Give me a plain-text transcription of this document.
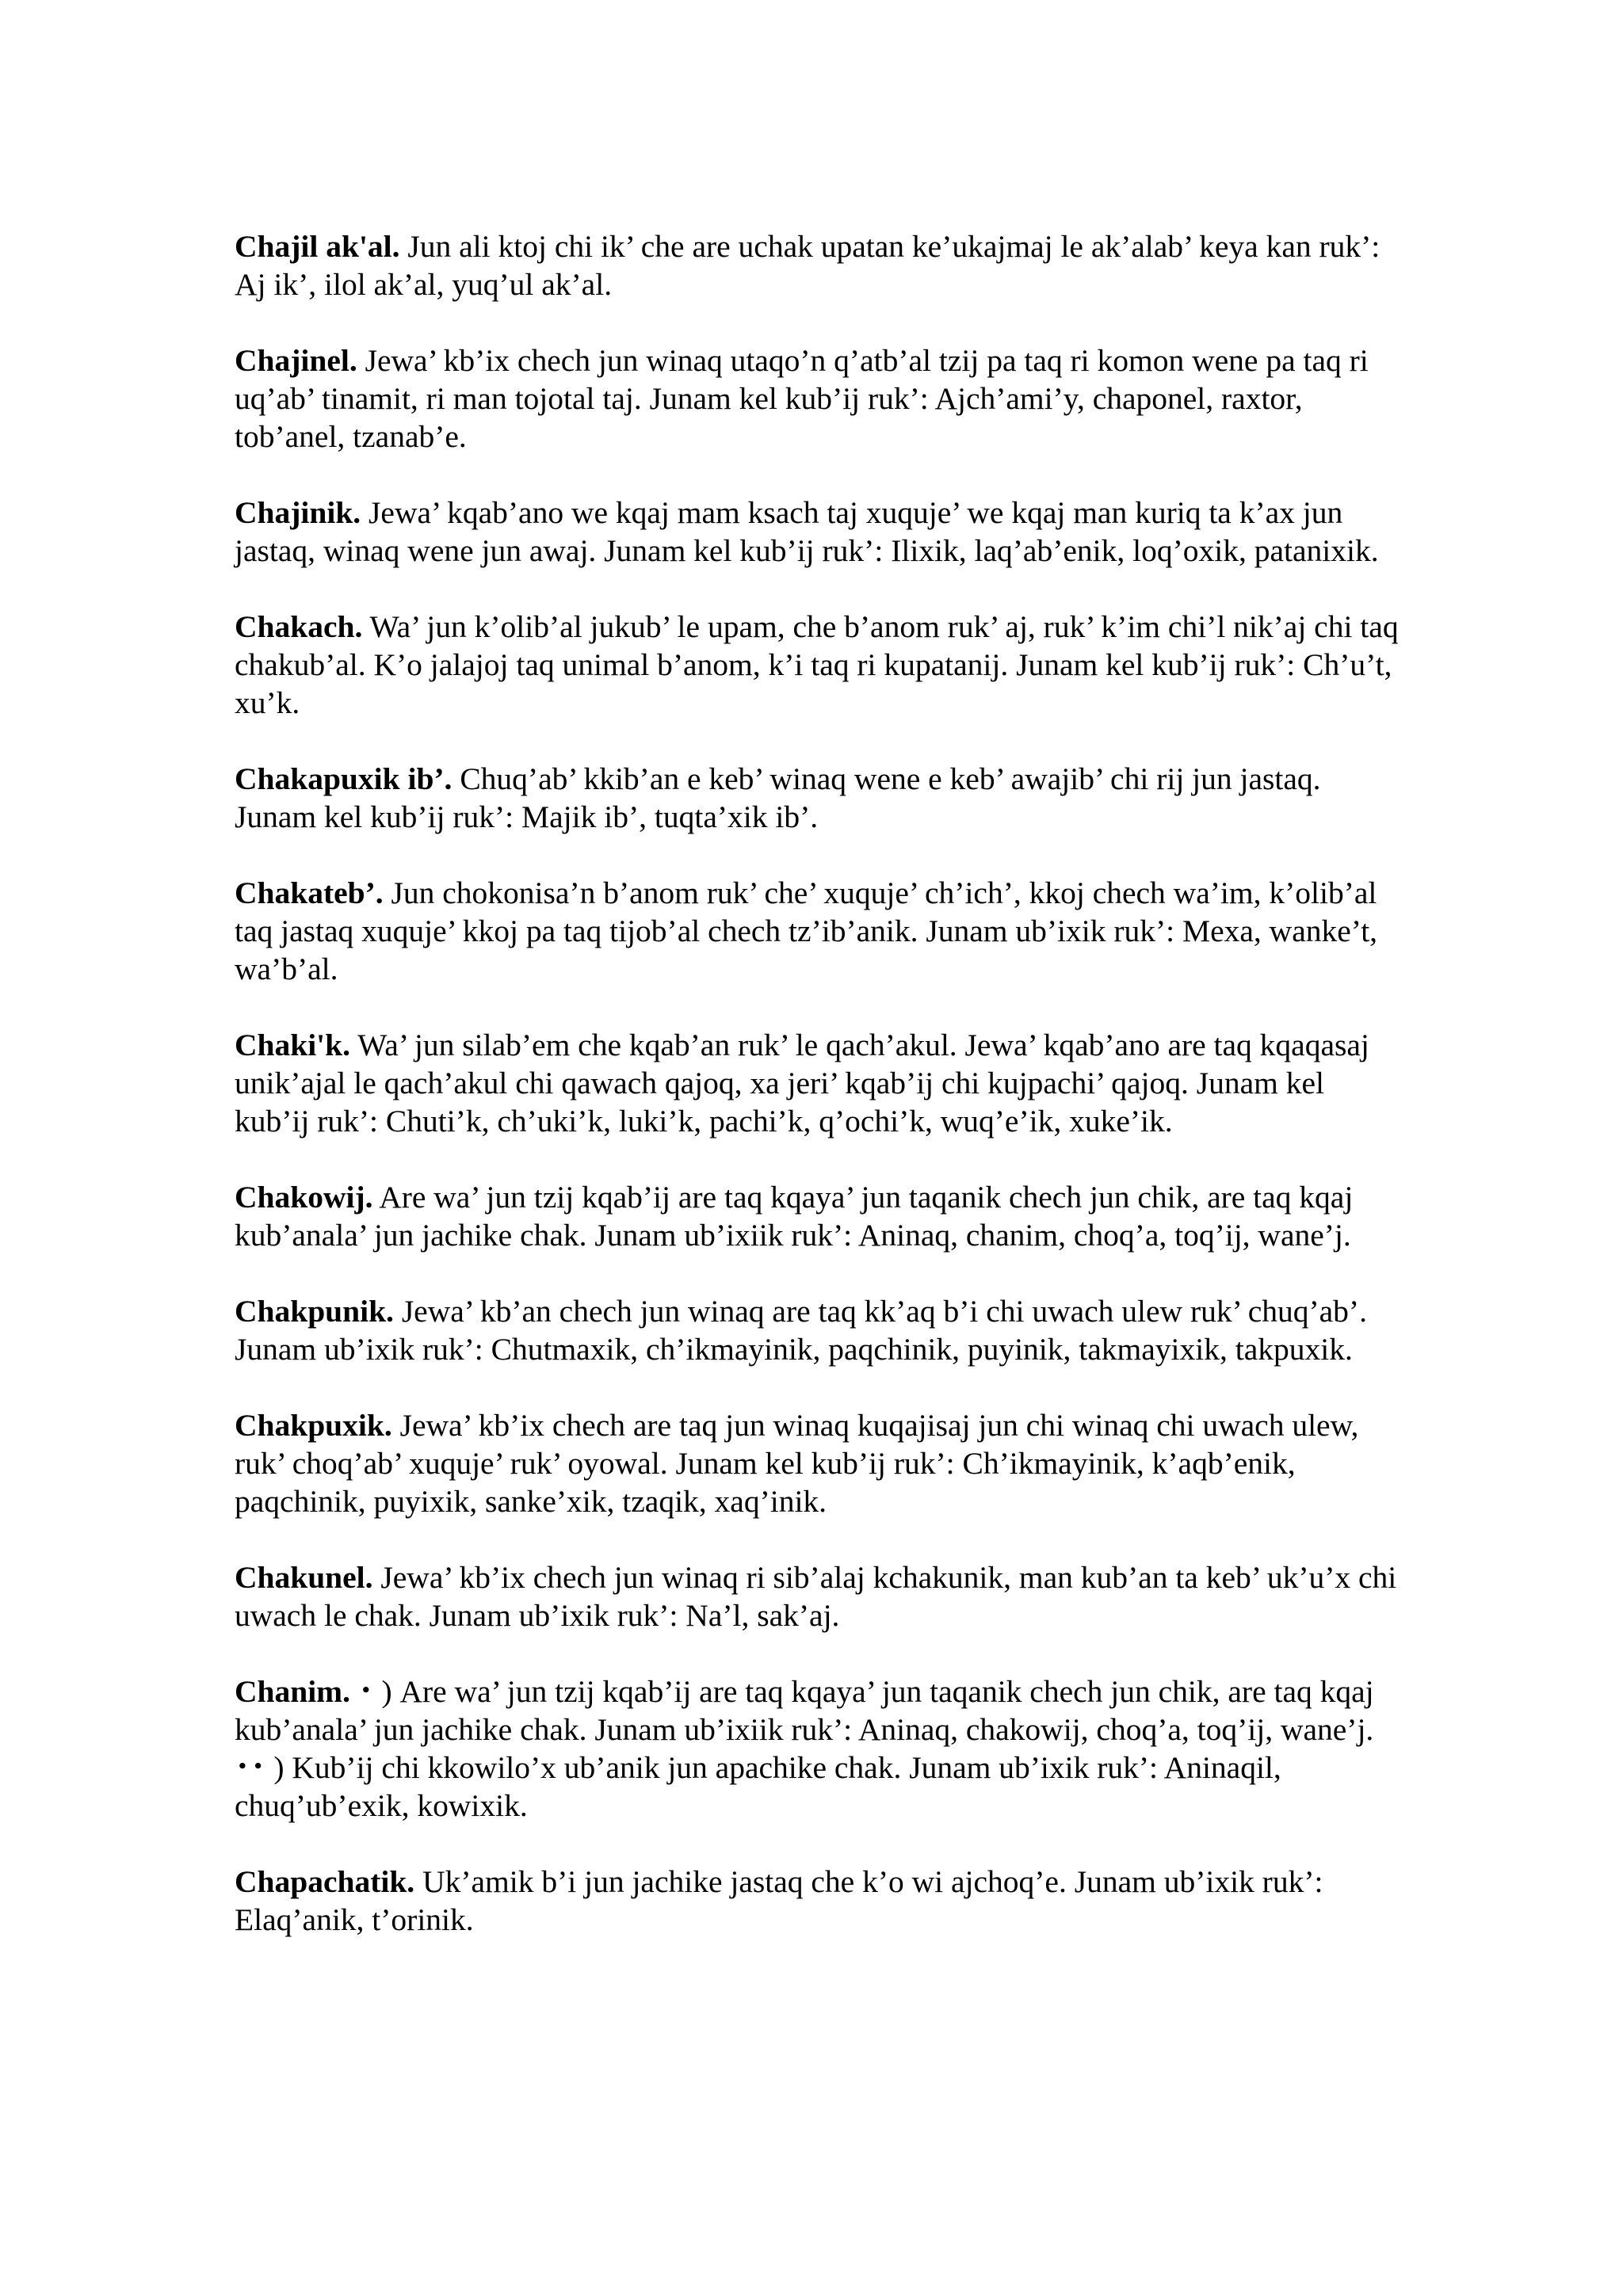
Chajil ak'al. Jun ali ktoj chi ik’ che are uchak upatan ke’ukajmaj le ak’alab’ keya kan ruk’: Aj ik’, ilol ak’al, yuq’ul ak’al.

Chajinel. Jewa’ kb’ix chech jun winaq utaqo’n q’atb’al tzij pa taq ri komon wene pa taq ri uq’ab’ tinamit, ri man tojotal taj. Junam kel kub’ij ruk’: Ajch’ami’y, chaponel, raxtor, tob’anel, tzanab’e.

Chajinik. Jewa’ kqab’ano we kqaj mam ksach taj xuquje’ we kqaj man kuriq ta k’ax jun jastaq, winaq wene jun awaj. Junam kel kub’ij ruk’: Ilixik, laq’ab’enik, loq’oxik, patanixik.

Chakach. Wa’ jun k’olib’al jukub’ le upam, che b’anom ruk’ aj, ruk’ k’im chi’l nik’aj chi taq chakub’al. K’o jalajoj taq unimal b’anom, k’i taq ri kupatanij. Junam kel kub’ij ruk’: Ch’u’t, xu’k.

Chakapuxik ib’. Chuq’ab’ kkib’an e keb’ winaq wene e keb’ awajib’ chi rij jun jastaq. Junam kel kub’ij ruk’: Majik ib’, tuqta’xik ib’.

Chakateb’. Jun chokonisa’n b’anom ruk’ che’ xuquje’ ch’ich’, kkoj chech wa’im, k’olib’al taq jastaq xuquje’ kkoj pa taq tijob’al chech tz’ib’anik. Junam ub’ixik ruk’: Mexa, wanke’t, wa’b’al.

Chaki'k. Wa’ jun silab’em che kqab’an ruk’ le qach’akul. Jewa’ kqab’ano are taq kqaqasaj unik’ajal le qach’akul chi qawach qajoq, xa jeri’ kqab’ij chi kujpachi’ qajoq. Junam kel kub’ij ruk’: Chuti’k, ch’uki’k, luki’k, pachi’k, q’ochi’k, wuq’e’ik, xuke’ik.

Chakowij. Are wa’ jun tzij kqab’ij are taq kqaya’ jun taqanik chech jun chik, are taq kqaj kub’anala’ jun jachike chak. Junam ub’ixiik ruk’: Aninaq, chanim, choq’a, toq’ij, wane’j.

Chakpunik. Jewa’ kb’an chech jun winaq are taq kk’aq b’i chi uwach ulew ruk’ chuq’ab’. Junam ub’ixik ruk’: Chutmaxik, ch’ikmayinik, paqchinik, puyinik, takmayixik, takpuxik.

Chakpuxik. Jewa’ kb’ix chech are taq jun winaq kuqajisaj jun chi winaq chi uwach ulew, ruk’ choq’ab’ xuquje’ ruk’ oyowal. Junam kel kub’ij ruk’: Ch’ikmayinik, k’aqb’enik, paqchinik, puyixik, sanke’xik, tzaqik, xaq’inik.

Chakunel. Jewa’ kb’ix chech jun winaq ri sib’alaj kchakunik, man kub’an ta keb’ uk’u’x chi uwach le chak. Junam ub’ixik ruk’: Na’l, sak’aj.

Chanim. ･ ) Are wa’ jun tzij kqab’ij are taq kqaya’ jun taqanik chech jun chik, are taq kqaj kub’anala’ jun jachike chak. Junam ub’ixiik ruk’: Aninaq, chakowij, choq’a, toq’ij, wane’j. ･･ ) Kub’ij chi kkowilo’x ub’anik jun apachike chak. Junam ub’ixik ruk’: Aninaqil, chuq’ub’exik, kowixik.

Chapachatik. Uk’amik b’i jun jachike jastaq che k’o wi ajchoq’e. Junam ub’ixik ruk’: Elaq’anik, t’orinik.
